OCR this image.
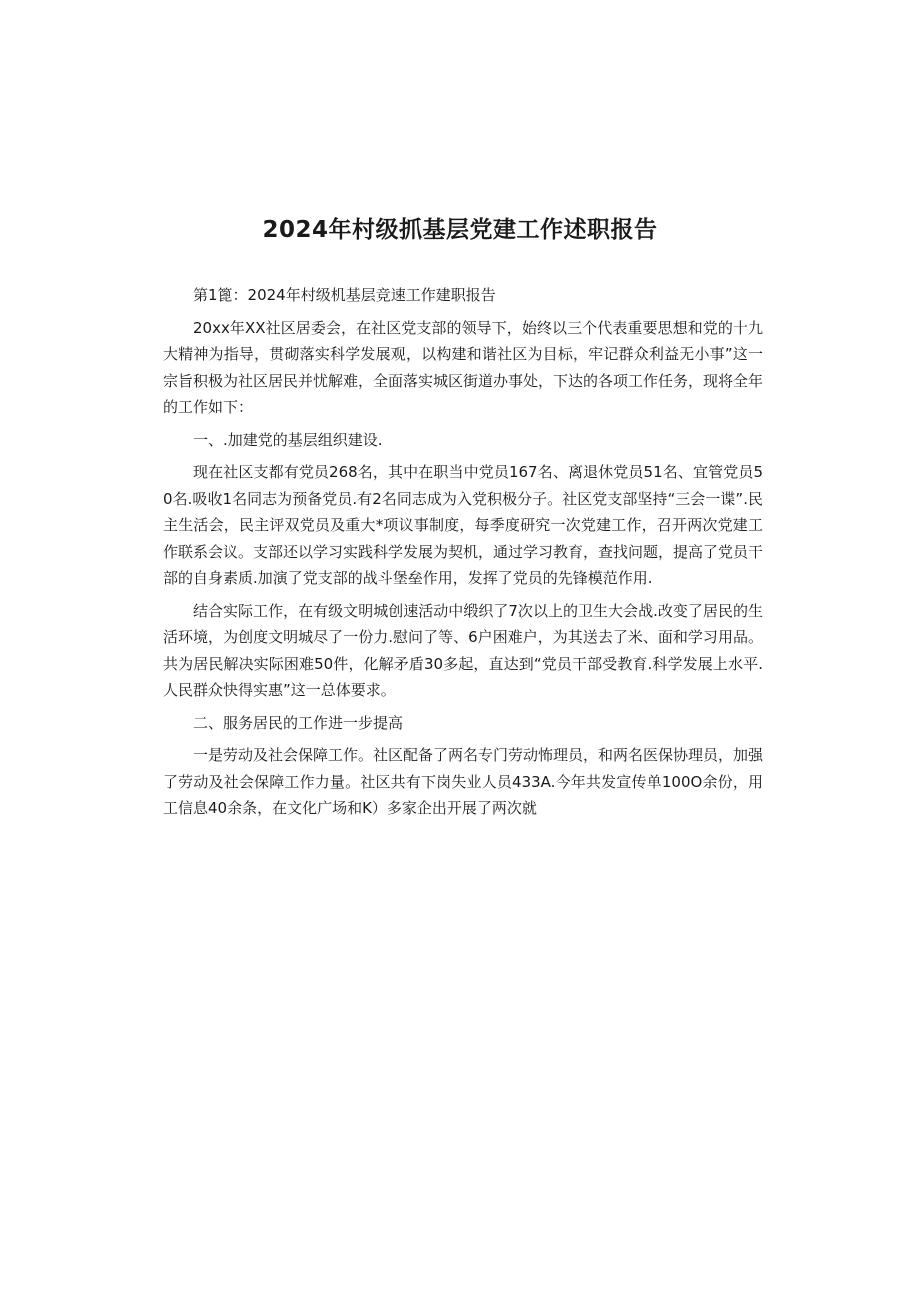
2024年村级抓基层党建工作述职报告

第1篦：2024年村级机基层竞速工作建职报告

20xx年XX社区居委会，在社区党支部的领导下，始终以三个代表重要思想和党的十九大精神为指导，贯砌落实科学发展观，以构建和谐社区为目标，牢记群众利益无小事”这一宗旨积极为社区居民并忧解难，全面落实城区街道办事处，下达的各项工作任务，现将全年的工作如下：

一、.加建党的基层组织建设.

现在社区支都有党员268名，其中在职当中党员167名、离退休党员51名、宜管党员50名.吸收1名同志为预备党员.有2名同志成为入党积极分子。社区党支部坚持“三会一谍”.民主生活会，民主评双党员及重大*项议事制度，每季度研究一次党建工作，召开两次党建工作联系会议。支部还以学习实践科学发展为契机，通过学习教育，查找问题，提高了党员干部的自身素质.加演了党支部的战斗堡垒作用，发挥了党员的先锋模范作用.

结合实际工作，在有级文明城创速活动中缎织了7次以上的卫生大会战.改变了居民的生活环境，为创度文明城尽了一份力.慰问了等、6户困难户，为其送去了米、面和学习用品。共为居民解决实际困难50件，化解矛盾30多起，直达到“党员干部受教育.科学发展上水平.人民群众快得实惠”这一总体要求。

二、服务居民的工作进一步提高

一是劳动及社会保障工作。社区配备了两名专门劳动怖理员，和两名医保协理员，加强了劳动及社会保障工作力量。社区共有下岗失业人员433A.今年共发宣传单100O余份，用工信息40余条，在文化广场和K）多家企出开展了两次就
